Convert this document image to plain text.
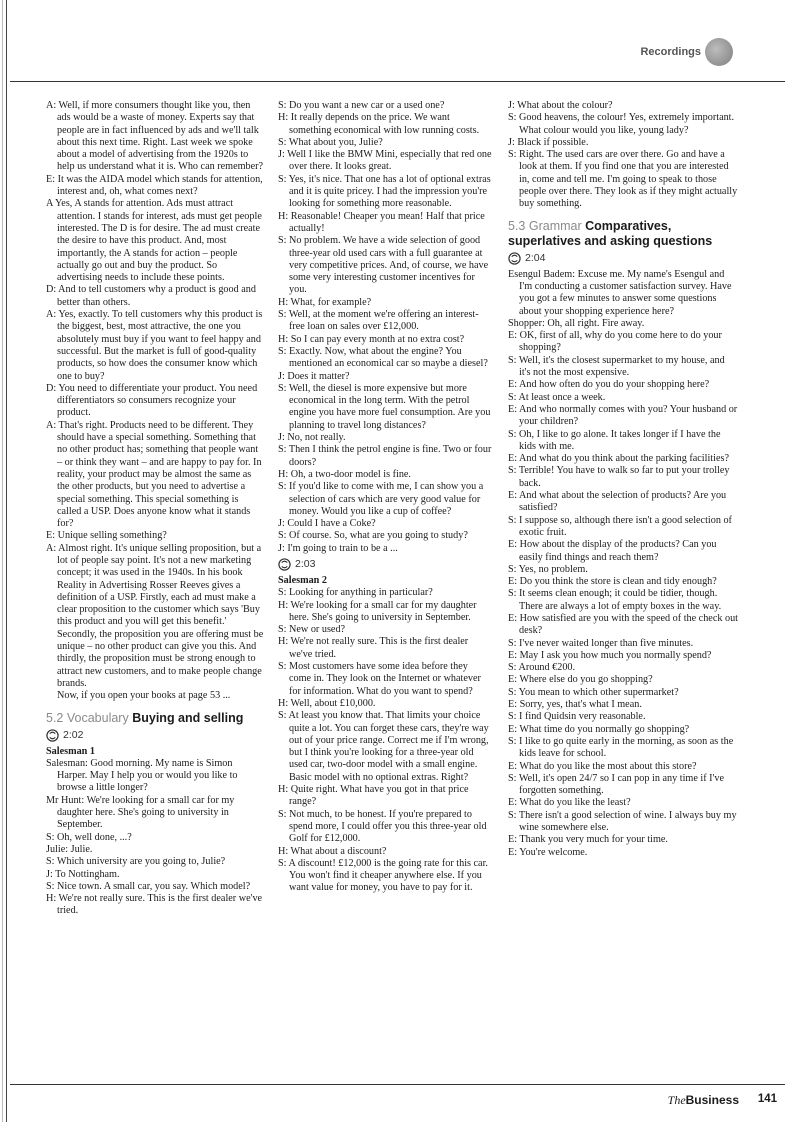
Recordings

A: Well, if more consumers thought like you, then ads would be a waste of money. Experts say that people are in fact influenced by ads and we'll talk about this next time. Right. Last week we spoke about a model of advertising from the 1920s to help us understand what it is. Who can remember?

E: It was the AIDA model which stands for attention, interest and, oh, what comes next?

A Yes, A stands for attention. Ads must attract attention. I stands for interest, ads must get people interested. The D is for desire. The ad must create the desire to have this product. And, most importantly, the A stands for action – people actually go out and buy the product. So advertising needs to include these points.

D: And to tell customers why a product is good and better than others.

A: Yes, exactly. To tell customers why this product is the biggest, best, most attractive, the one you absolutely must buy if you want to feel happy and successful. But the market is full of good-quality products, so how does the consumer know which one to buy?

D: You need to differentiate your product. You need differentiators so consumers recognize your product.

A: That's right. Products need to be different. They should have a special something. Something that no other product has; something that people want – or think they want – and are happy to pay for. In reality, your product may be almost the same as the other products, but you need to advertise a special something. This special something is called a USP. Does anyone know what it stands for?

E: Unique selling something?

A: Almost right. It's unique selling proposition, but a lot of people say point. It's not a new marketing concept; it was used in the 1940s. In his book Reality in Advertising Rosser Reeves gives a definition of a USP. Firstly, each ad must make a clear proposition to the customer which says 'Buy this product and you will get this benefit.' Secondly, the proposition you are offering must be unique – no other product can give you this. And thirdly, the proposition must be strong enough to attract new customers, and to make people change brands.

Now, if you open your books at page 53 ...

5.2 Vocabulary Buying and selling
2:02
Salesman 1

Salesman: Good morning. My name is Simon Harper. May I help you or would you like to browse a little longer?

Mr Hunt: We're looking for a small car for my daughter here. She's going to university in September.

S: Oh, well done, ...?

Julie: Julie.

S: Which university are you going to, Julie?

J: To Nottingham.

S: Nice town. A small car, you say. Which model?

H: We're not really sure. This is the first dealer we've tried.

S: Do you want a new car or a used one?

H: It really depends on the price. We want something economical with low running costs.

S: What about you, Julie?

J: Well I like the BMW Mini, especially that red one over there. It looks great.

S: Yes, it's nice. That one has a lot of optional extras and it is quite pricey. I had the impression you're looking for something more reasonable.

H: Reasonable! Cheaper you mean! Half that price actually!

S: No problem. We have a wide selection of good three-year old used cars with a full guarantee at very competitive prices. And, of course, we have some very interesting customer incentives for you.

H: What, for example?

S: Well, at the moment we're offering an interest-free loan on sales over £12,000.

H: So I can pay every month at no extra cost?

S: Exactly. Now, what about the engine? You mentioned an economical car so maybe a diesel?

J: Does it matter?

S: Well, the diesel is more expensive but more economical in the long term. With the petrol engine you have more fuel consumption. Are you planning to travel long distances?

J: No, not really.

S: Then I think the petrol engine is fine. Two or four doors?

H: Oh, a two-door model is fine.

S: If you'd like to come with me, I can show you a selection of cars which are very good value for money. Would you like a cup of coffee?

J: Could I have a Coke?

S: Of course. So, what are you going to study?

J: I'm going to train to be a ...

2:03
Salesman 2

S: Looking for anything in particular?

H: We're looking for a small car for my daughter here. She's going to university in September.

S: New or used?

H: We're not really sure. This is the first dealer we've tried.

S: Most customers have some idea before they come in. They look on the Internet or whatever for information. What do you want to spend?

H: Well, about £10,000.

S: At least you know that. That limits your choice quite a lot. You can forget these cars, they're way out of your price range. Correct me if I'm wrong, but I think you're looking for a three-year old used car, two-door model with a small engine. Basic model with no optional extras. Right?

H: Quite right. What have you got in that price range?

S: Not much, to be honest. If you're prepared to spend more, I could offer you this three-year old Golf for £12,000.

H: What about a discount?

S: A discount! £12,000 is the going rate for this car. You won't find it cheaper anywhere else. If you want value for money, you have to pay for it.

J: What about the colour?

S: Good heavens, the colour! Yes, extremely important. What colour would you like, young lady?

J: Black if possible.

S: Right. The used cars are over there. Go and have a look at them. If you find one that you are interested in, come and tell me. I'm going to speak to those people over there. They look as if they might actually buy something.

5.3 Grammar Comparatives, superlatives and asking questions
2:04

Esengul Badem: Excuse me. My name's Esengul and I'm conducting a customer satisfaction survey. Have you got a few minutes to answer some questions about your shopping experience here?

Shopper: Oh, all right. Fire away.

E: OK, first of all, why do you come here to do your shopping?

S: Well, it's the closest supermarket to my house, and it's not the most expensive.

E: And how often do you do your shopping here?

S: At least once a week.

E: And who normally comes with you? Your husband or your children?

S: Oh, I like to go alone. It takes longer if I have the kids with me.

E: And what do you think about the parking facilities?

S: Terrible! You have to walk so far to put your trolley back.

E: And what about the selection of products? Are you satisfied?

S: I suppose so, although there isn't a good selection of exotic fruit.

E: How about the display of the products? Can you easily find things and reach them?

S: Yes, no problem.

E: Do you think the store is clean and tidy enough?

S: It seems clean enough; it could be tidier, though. There are always a lot of empty boxes in the way.

E: How satisfied are you with the speed of the check out desk?

S: I've never waited longer than five minutes.

E: May I ask you how much you normally spend?

S: Around €200.

E: Where else do you go shopping?

S: You mean to which other supermarket?

E: Sorry, yes, that's what I mean.

S: I find Quidsin very reasonable.

E: What time do you normally go shopping?

S: I like to go quite early in the morning, as soon as the kids leave for school.

E: What do you like the most about this store?

S: Well, it's open 24/7 so I can pop in any time if I've forgotten something.

E: What do you like the least?

S: There isn't a good selection of wine. I always buy my wine somewhere else.

E: Thank you very much for your time.

E: You're welcome.

TheBusiness 141
